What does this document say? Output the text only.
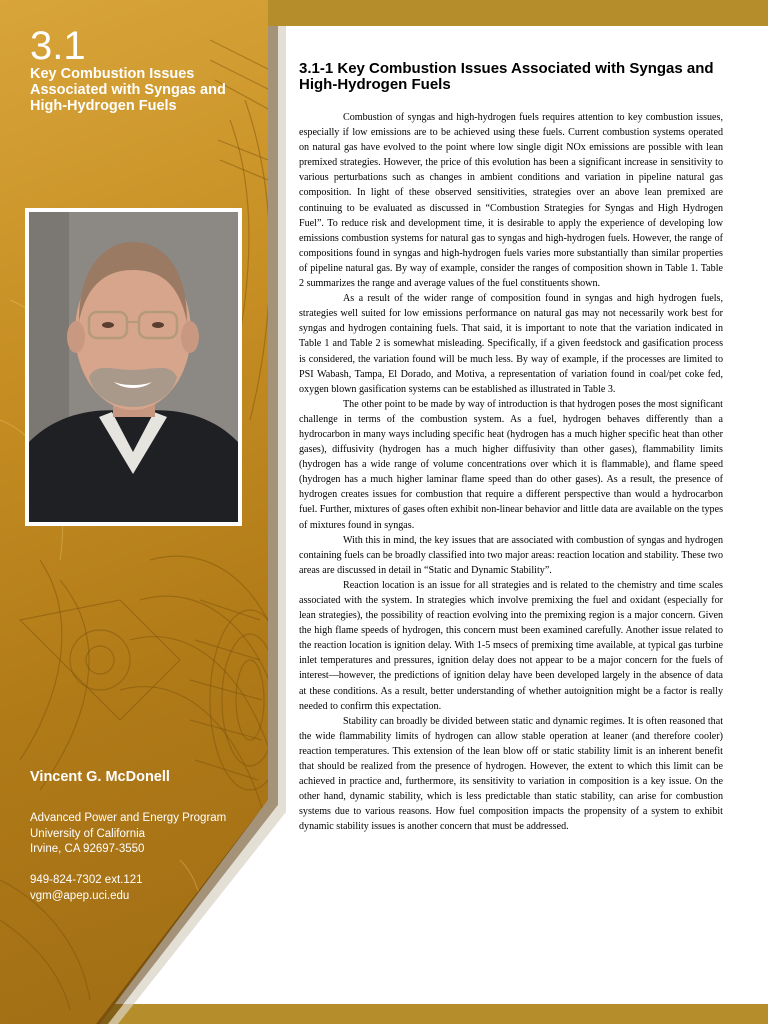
3.1
Key Combustion Issues Associated with Syngas and High-Hydrogen Fuels
Vincent G. McDonell
Advanced Power and Energy Program
University of California
Irvine, CA 92697-3550
949-824-7302 ext.121
vgm@apep.uci.edu
3.1-1 Key Combustion Issues Associated with Syngas and High-Hydrogen Fuels

Combustion of syngas and high-hydrogen fuels requires attention to key combustion issues, especially if low emissions are to be achieved using these fuels. Current combustion systems operated on natural gas have evolved to the point where low single digit NOx emissions are possible with lean premixed strategies. However, the price of this evolution has been a significant increase in sensitivity to various perturbations such as changes in ambient conditions and variation in pipeline natural gas composition. In light of these observed sensitivities, strategies over an above lean premixed are continuing to be evaluated as discussed in “Combustion Strategies for Syngas and High Hydrogen Fuel”. To reduce risk and development time, it is desirable to apply the experience of developing low emissions combustion systems for natural gas to syngas and high-hydrogen fuels. However, the range of compositions found in syngas and high-hydrogen fuels varies more substantially than similar properties of pipeline natural gas. By way of example, consider the ranges of composition shown in Table 1. Table 2 summarizes the range and average values of the fuel constituents shown.

As a result of the wider range of composition found in syngas and high hydrogen fuels, strategies well suited for low emissions performance on natural gas may not necessarily work best for syngas and hydrogen containing fuels. That said, it is important to note that the variation indicated in Table 1 and Table 2 is somewhat misleading. Specifically, if a given feedstock and gasification process is considered, the variation found will be much less. By way of example, if the processes are limited to PSI Wabash, Tampa, El Dorado, and Motiva, a representation of variation found in coal/pet coke fed, oxygen blown gasification systems can be established as illustrated in Table 3.

The other point to be made by way of introduction is that hydrogen poses the most significant challenge in terms of the combustion system. As a fuel, hydrogen behaves differently than a hydrocarbon in many ways including specific heat (hydrogen has a much higher specific heat than other gases), diffusivity (hydrogen has a much higher diffusivity than other gases), flammability limits (hydrogen has a wide range of volume concentrations over which it is flammable), and flame speed (hydrogen has a much higher laminar flame speed than do other gases). As a result, the presence of hydrogen creates issues for combustion that require a different perspective than would a hydrocarbon fuel. Further, mixtures of gases often exhibit non-linear behavior and little data are available on the types of mixtures found in syngas.

With this in mind, the key issues that are associated with combustion of syngas and hydrogen containing fuels can be broadly classified into two major areas: reaction location and stability. These two areas are discussed in detail in “Static and Dynamic Stability”.

Reaction location is an issue for all strategies and is related to the chemistry and time scales associated with the system. In strategies which involve premixing the fuel and oxidant (especially for lean strategies), the possibility of reaction evolving into the premixing region is a major concern. Given the high flame speeds of hydrogen, this concern must been examined carefully. Another issue related to the reaction location is ignition delay. With 1-5 msecs of premixing time available, at typical gas turbine inlet temperatures and pressures, ignition delay does not appear to be a major concern for the fuels of interest—however, the predictions of ignition delay have been developed largely in the absence of data at these conditions. As a result, better understanding of whether autoignition might be a factor is really needed to confirm this expectation.

Stability can broadly be divided between static and dynamic regimes. It is often reasoned that the wide flammability limits of hydrogen can allow stable operation at leaner (and therefore cooler) reaction temperatures. This extension of the lean blow off or static stability limit is an inherent benefit that should be realized from the presence of hydrogen. However, the extent to which this limit can be achieved in practice and, furthermore, its sensitivity to variation in composition is a key issue. On the other hand, dynamic stability, which is less predictable than static stability, can arise for combustion systems due to various reasons. How fuel composition impacts the propensity of a system to exhibit dynamic stability issues is another concern that must be addressed.
